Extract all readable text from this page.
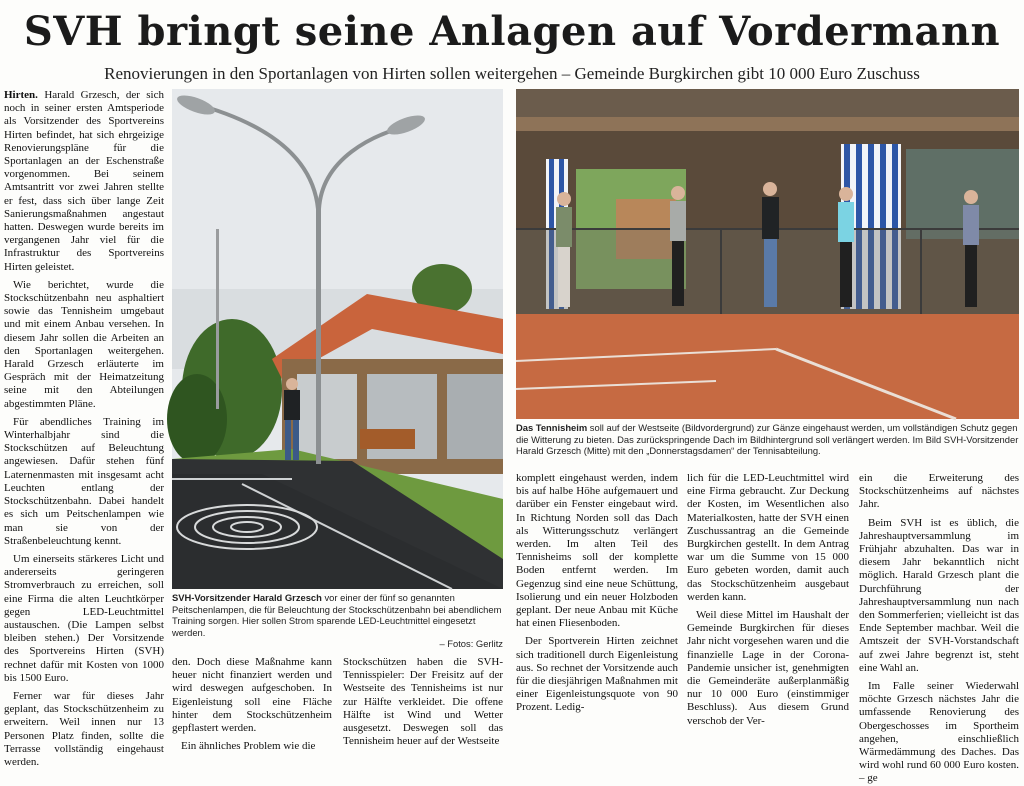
SVH bringt seine Anlagen auf Vordermann

Renovierungen in den Sportanlagen von Hirten sollen weitergehen – Gemeinde Burgkirchen gibt 10 000 Euro Zuschuss

Hirten. Harald Grzesch, der sich noch in seiner ersten Amtsperiode als Vorsitzender des Sportvereins Hirten befindet, hat sich ehrgeizige Renovierungspläne für die Sportanlagen an der Eschenstraße vorgenommen. Bei seinem Amtsantritt vor zwei Jahren stellte er fest, dass sich über lange Zeit Sanierungsmaßnahmen angestaut hatten. Deswegen wurde bereits im vergangenen Jahr viel für die Infrastruktur des Sportvereins Hirten geleistet.

Wie berichtet, wurde die Stockschützenbahn neu asphaltiert sowie das Tennisheim umgebaut und mit einem Anbau versehen. In diesem Jahr sollen die Arbeiten an den Sportanlagen weitergehen. Harald Grzesch erläuterte im Gespräch mit der Heimatzeitung seine mit den Abteilungen abgestimmten Pläne.

Für abendliches Training im Winterhalbjahr sind die Stockschützen auf Beleuchtung angewiesen. Dafür stehen fünf Laternenmasten mit insgesamt acht Leuchten entlang der Stockschützenbahn. Dabei handelt es sich um Peitschenlampen wie man sie von der Straßenbeleuchtung kennt.

Um einerseits stärkeres Licht und andererseits geringeren Stromverbrauch zu erreichen, soll eine Firma die alten Leuchtkörper gegen LED-Leuchtmittel austauschen. (Die Lampen selbst bleiben stehen.) Der Vorsitzende des Sportvereins Hirten (SVH) rechnet dafür mit Kosten von 1000 bis 1500 Euro.

Ferner war für dieses Jahr geplant, das Stockschützenheim zu erweitern. Weil innen nur 13 Personen Platz finden, sollte die Terrasse vollständig eingehaust werden.

SVH-Vorsitzender Harald Grzesch vor einer der fünf so genannten Peitschenlampen, die für Beleuchtung der Stockschützenbahn bei abendlichem Training sorgen. Hier sollen Strom sparende LED-Leuchtmittel eingesetzt werden.
– Fotos: Gerlitz
Das Tennisheim soll auf der Westseite (Bildvordergrund) zur Gänze eingehaust werden, um vollständigen Schutz gegen die Witterung zu bieten. Das zurückspringende Dach im Bildhintergrund soll verlängert werden. Im Bild SVH-Vorsitzender Harald Grzesch (Mitte) mit den „Donnerstagsdamen“ der Tennisabteilung.

den. Doch diese Maßnahme kann heuer nicht finanziert werden und wird deswegen aufgeschoben. In Eigenleistung soll eine Fläche hinter dem Stockschützenheim gepflastert werden.

Ein ähnliches Problem wie die

Stockschützen haben die SVH-Tennisspieler: Der Freisitz auf der Westseite des Tennisheims ist nur zur Hälfte verkleidet. Die offene Hälfte ist Wind und Wetter ausgesetzt. Deswegen soll das Tennisheim heuer auf der Westseite

komplett eingehaust werden, indem bis auf halbe Höhe aufgemauert und darüber ein Fenster eingebaut wird. In Richtung Norden soll das Dach als Witterungsschutz verlängert werden. Im alten Teil des Tennisheims soll der komplette Boden entfernt werden. Im Gegenzug sind eine neue Schüttung, Isolierung und ein neuer Holzboden geplant. Der neue Anbau mit Küche hat einen Fliesenboden.

Der Sportverein Hirten zeichnet sich traditionell durch Eigenleistung aus. So rechnet der Vorsitzende auch für die diesjährigen Maßnahmen mit einer Eigenleistungsquote von 90 Prozent. Ledig-

lich für die LED-Leuchtmittel wird eine Firma gebraucht. Zur Deckung der Kosten, im Wesentlichen also Materialkosten, hatte der SVH einen Zuschussantrag an die Gemeinde Burgkirchen gestellt. In dem Antrag war um die Summe von 15 000 Euro gebeten worden, damit auch das Stockschützenheim ausgebaut werden kann.

Weil diese Mittel im Haushalt der Gemeinde Burgkirchen für dieses Jahr nicht vorgesehen waren und die finanzielle Lage in der Corona-Pandemie unsicher ist, genehmigten die Gemeinderäte außerplanmäßig nur 10 000 Euro (einstimmiger Beschluss). Aus diesem Grund verschob der Ver-

ein die Erweiterung des Stockschützenheims auf nächstes Jahr.

Beim SVH ist es üblich, die Jahreshauptversammlung im Frühjahr abzuhalten. Das war in diesem Jahr bekanntlich nicht möglich. Harald Grzesch plant die Durchführung der Jahreshauptversammlung nun nach den Sommerferien; vielleicht ist das Ende September machbar. Weil die Amtszeit der SVH-Vorstandschaft auf zwei Jahre begrenzt ist, steht eine Wahl an.

Im Falle seiner Wiederwahl möchte Grzesch nächstes Jahr die umfassende Renovierung des Obergeschosses im Sportheim angehen, einschließlich Wärmedämmung des Daches. Das wird wohl rund 60 000 Euro kosten. – ge
